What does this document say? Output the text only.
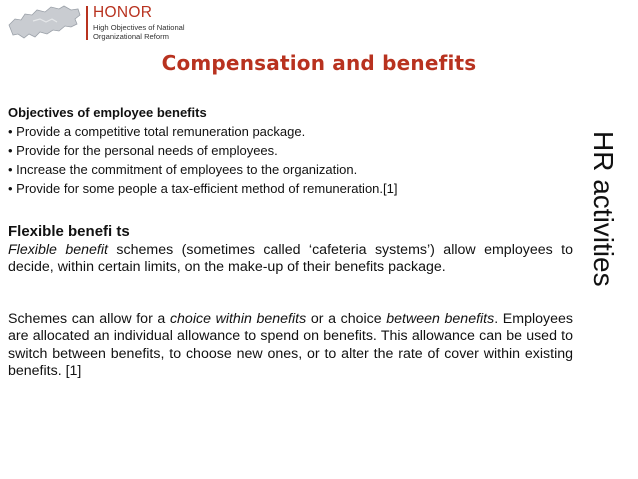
HONOR
High Objectives of National
Organizational Reform
Compensation and benefits
HR activities
Objectives of employee benefits
• Provide a competitive total remuneration package.
• Provide for the personal needs of employees.
• Increase the commitment of employees to the organization.
• Provide for some people a tax-efficient method of remuneration.[1]
Flexible benefi ts
Flexible benefit schemes (sometimes called ‘cafeteria systems’) allow employees to decide, within certain limits, on the make-up of their benefits package.
Schemes can allow for a choice within benefits or a choice between benefits. Employees are allocated an individual allowance to spend on benefits. This allowance can be used to switch between benefits, to choose new ones, or to alter the rate of cover within existing benefits. [1]
